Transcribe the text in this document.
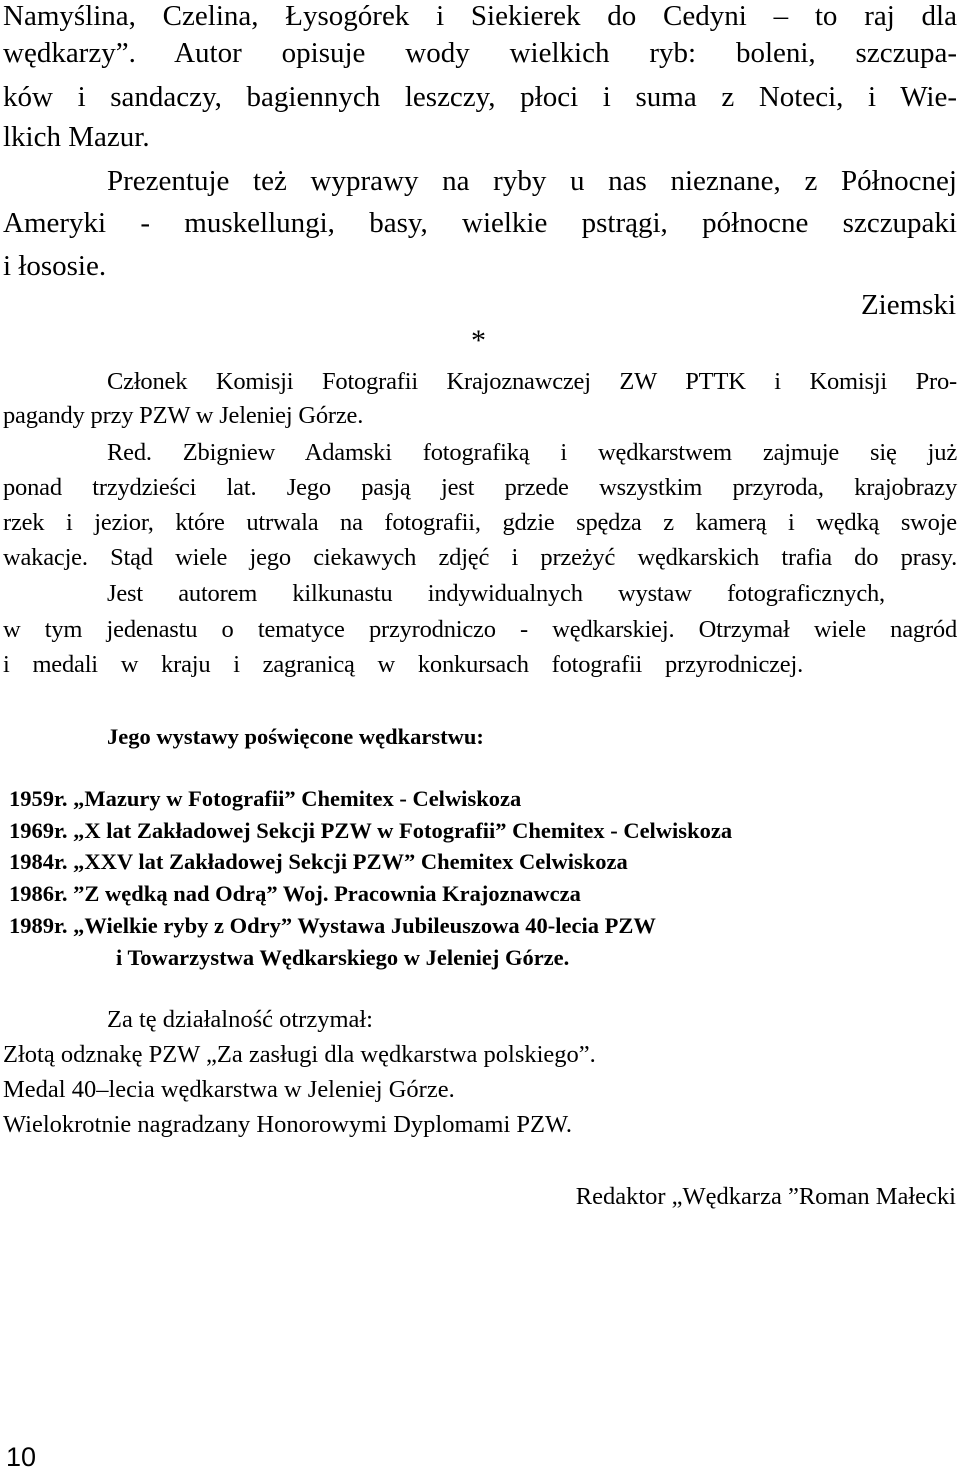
Namyślina, Czelina, Łysogórek i Siekierek do Cedyni – to raj dla
wędkarzy”. Autor opisuje wody wielkich ryb: boleni, szczupa-
ków i sandaczy, bagiennych leszczy, płoci i suma z Noteci, i Wie-
lkich Mazur.
Prezentuje też wyprawy na ryby u nas nieznane, z Północnej
Ameryki - muskellungi, basy, wielkie pstrągi, północne szczupaki
i łososie.
Ziemski
*
Członek Komisji Fotografii Krajoznawczej ZW PTTK i Komisji Pro-
pagandy przy PZW w Jeleniej Górze.
Red. Zbigniew Adamski fotografiką i wędkarstwem zajmuje się już
ponad trzydzieści lat. Jego pasją jest przede wszystkim przyroda, krajobrazy
rzek i jezior, które utrwala na fotografii, gdzie spędza z kamerą i wędką swoje
wakacje. Stąd wiele jego ciekawych zdjęć i przeżyć wędkarskich trafia do prasy.
Jest autorem kilkunastu indywidualnych wystaw fotograficznych,
w tym jedenastu o tematyce przyrodniczo - wędkarskiej. Otrzymał wiele nagród
i medali w kraju i zagranicą w konkursach fotografii przyrodniczej.
Jego wystawy poświęcone wędkarstwu:
1959r. „Mazury w Fotografii” Chemitex - Celwiskoza
1969r. „X lat Zakładowej Sekcji PZW w Fotografii” Chemitex - Celwiskoza
1984r. „XXV lat Zakładowej Sekcji PZW” Chemitex Celwiskoza
1986r. ”Z wędką nad Odrą” Woj. Pracownia Krajoznawcza
1989r. „Wielkie ryby z Odry” Wystawa Jubileuszowa 40-lecia PZW
i Towarzystwa Wędkarskiego w Jeleniej Górze.
Za tę działalność otrzymał:
Złotą odznakę PZW „Za zasługi dla wędkarstwa polskiego”.
Medal 40–lecia wędkarstwa w Jeleniej Górze.
Wielokrotnie nagradzany Honorowymi Dyplomami PZW.
Redaktor „Wędkarza ”Roman Małecki
10
